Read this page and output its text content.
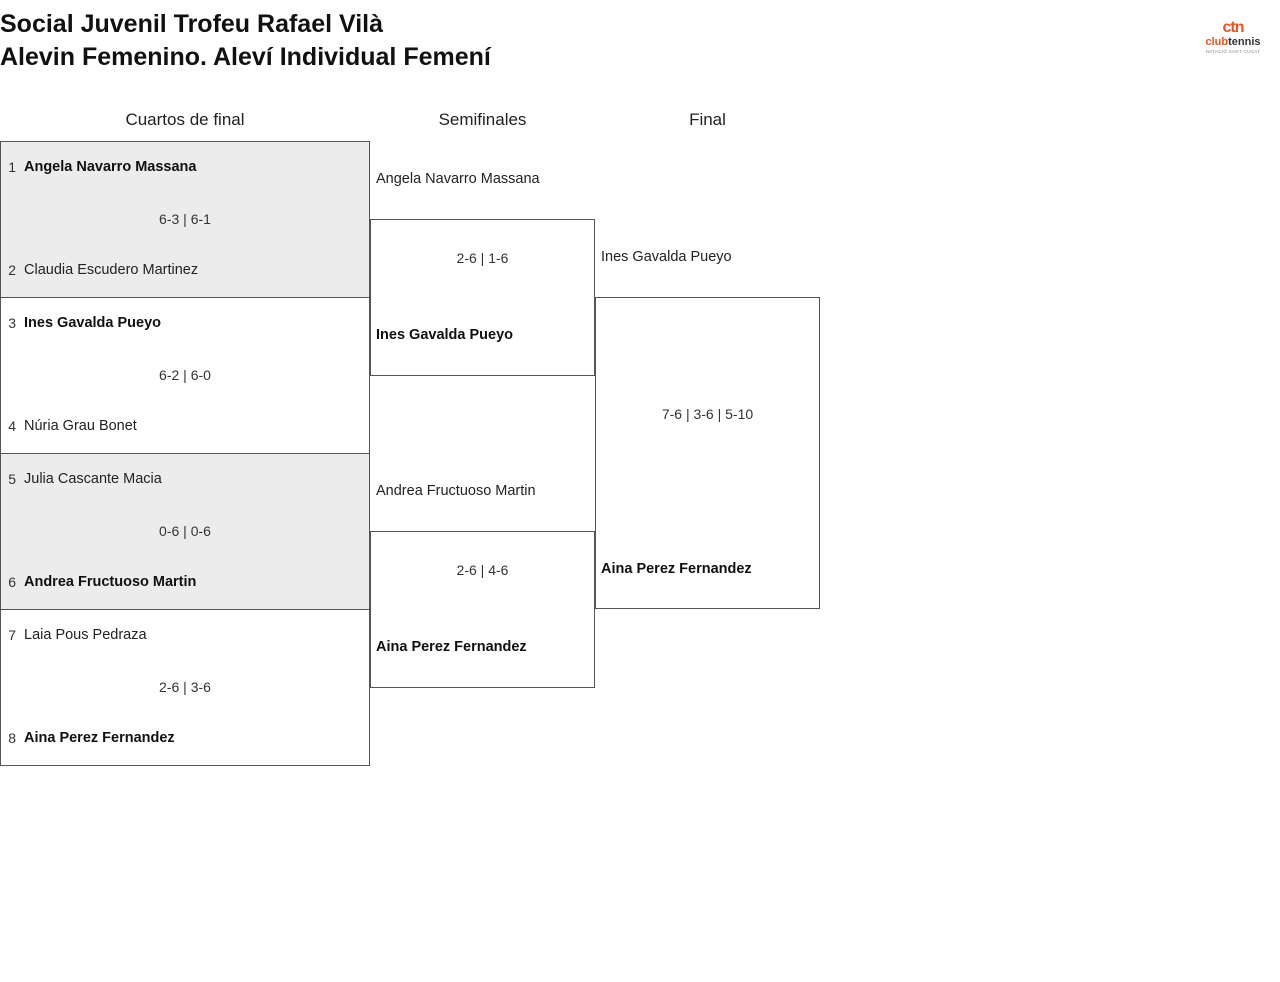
Social Juvenil Trofeu Rafael Vilà
Alevin Femenino. Aleví Individual Femení
ctn
clubtennis
NATACIÓ SANT CUGAT
Cuartos de final	Semifinales	Final
1 Angela Navarro Massana
6-3 | 6-1
2 Claudia Escudero Martinez
3 Ines Gavalda Pueyo
6-2 | 6-0
4 Núria Grau Bonet
5 Julia Cascante Macia
0-6 | 0-6
6 Andrea Fructuoso Martin
7 Laia Pous Pedraza
2-6 | 3-6
8 Aina Perez Fernandez
Angela Navarro Massana
2-6 | 1-6
Ines Gavalda Pueyo
Andrea Fructuoso Martin
2-6 | 4-6
Aina Perez Fernandez
Ines Gavalda Pueyo
7-6 | 3-6 | 5-10
Aina Perez Fernandez
